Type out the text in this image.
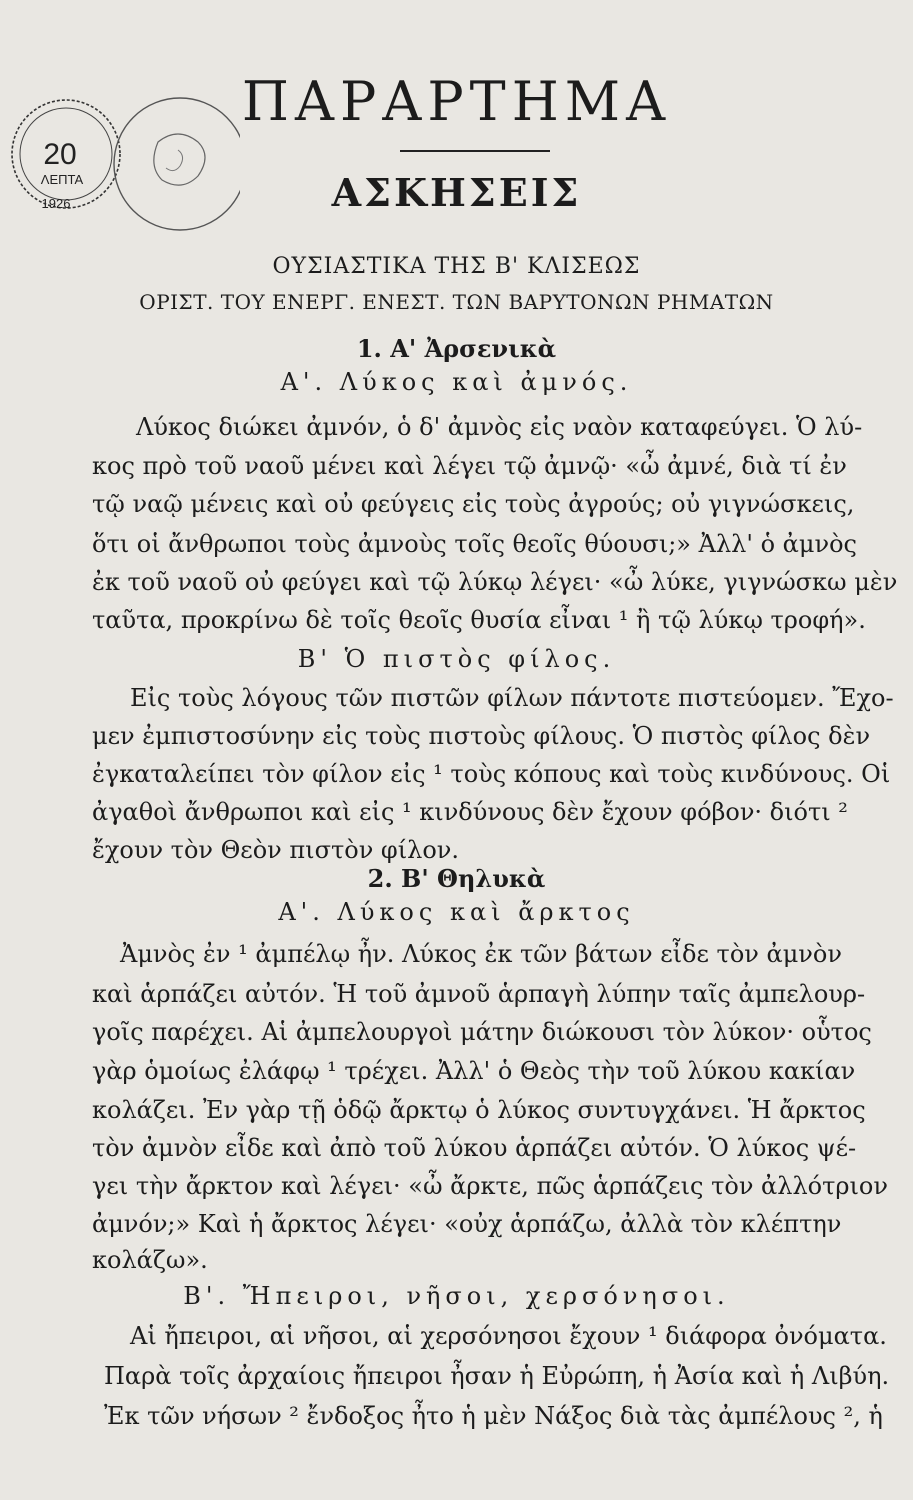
20
ΛΕΠΤΑ
1926
ΠΑΡΑΡΤΗΜΑ
ΑΣΚΗΣΕΙΣ
ΟΥΣΙΑΣΤΙΚΑ ΤΗΣ Β' ΚΛΙΣΕΩΣ
ΟΡΙΣΤ. ΤΟΥ ΕΝΕΡΓ. ΕΝΕΣΤ. ΤΩΝ ΒΑΡΥΤΟΝΩΝ ΡΗΜΑΤΩΝ
1. Α' Ἀρσενικὰ
Α'. Λύκος καὶ ἀμνός.
Λύκος διώκει ἀμνόν, ὁ δ' ἀμνὸς εἰς ναὸν καταφεύγει. Ὁ λύ-
κος πρὸ τοῦ ναοῦ μένει καὶ λέγει τῷ ἀμνῷ· «ὦ ἀμνέ, διὰ τί ἐν
τῷ ναῷ μένεις καὶ οὐ φεύγεις εἰς τοὺς ἀγρούς; οὐ γιγνώσκεις,
ὅτι οἱ ἄνθρωποι τοὺς ἀμνοὺς τοῖς θεοῖς θύουσι;» Ἀλλ' ὁ ἀμνὸς
ἐκ τοῦ ναοῦ οὐ φεύγει καὶ τῷ λύκῳ λέγει· «ὦ λύκε, γιγνώσκω μὲν
ταῦτα, προκρίνω δὲ τοῖς θεοῖς θυσία εἶναι ¹ ἢ τῷ λύκῳ τροφή».
Β' Ὁ πιστὸς φίλος.
Εἰς τοὺς λόγους τῶν πιστῶν φίλων πάντοτε πιστεύομεν. Ἔχο-
μεν ἐμπιστοσύνην εἰς τοὺς πιστοὺς φίλους. Ὁ πιστὸς φίλος δὲν
ἐγκαταλείπει τὸν φίλον εἰς ¹ τοὺς κόπους καὶ τοὺς κινδύνους. Οἱ
ἀγαθοὶ ἄνθρωποι καὶ εἰς ¹ κινδύνους δὲν ἔχουν φόβον· διότι ²
ἔχουν τὸν Θεὸν πιστὸν φίλον.
2. Β' Θηλυκὰ
Α'. Λύκος καὶ ἄρκτος
Ἀμνὸς ἐν ¹ ἀμπέλῳ ἦν. Λύκος ἐκ τῶν βάτων εἶδε τὸν ἀμνὸν
καὶ ἁρπάζει αὐτόν. Ἡ τοῦ ἀμνοῦ ἁρπαγὴ λύπην ταῖς ἀμπελουρ-
γοῖς παρέχει. Αἱ ἀμπελουργοὶ μάτην διώκουσι τὸν λύκον· οὗτος
γὰρ ὁμοίως ἐλάφῳ ¹ τρέχει. Ἀλλ' ὁ Θεὸς τὴν τοῦ λύκου κακίαν
κολάζει. Ἐν γὰρ τῇ ὁδῷ ἄρκτῳ ὁ λύκος συντυγχάνει. Ἡ ἄρκτος
τὸν ἀμνὸν εἶδε καὶ ἀπὸ τοῦ λύκου ἁρπάζει αὐτόν. Ὁ λύκος ψέ-
γει τὴν ἄρκτον καὶ λέγει· «ὦ ἄρκτε, πῶς ἁρπάζεις τὸν ἀλλότριον
ἀμνόν;» Καὶ ἡ ἄρκτος λέγει· «οὐχ ἁρπάζω, ἀλλὰ τὸν κλέπτην
κολάζω».
Β'. Ἤπειροι, νῆσοι, χερσόνησοι.
Αἱ ἤπειροι, αἱ νῆσοι, αἱ χερσόνησοι ἔχουν ¹ διάφορα ὀνόματα.
Παρὰ τοῖς ἀρχαίοις ἤπειροι ἦσαν ἡ Εὐρώπη, ἡ Ἀσία καὶ ἡ Λιβύη.
Ἐκ τῶν νήσων ² ἔνδοξος ἦτο ἡ μὲν Νάξος διὰ τὰς ἀμπέλους ², ἡ
